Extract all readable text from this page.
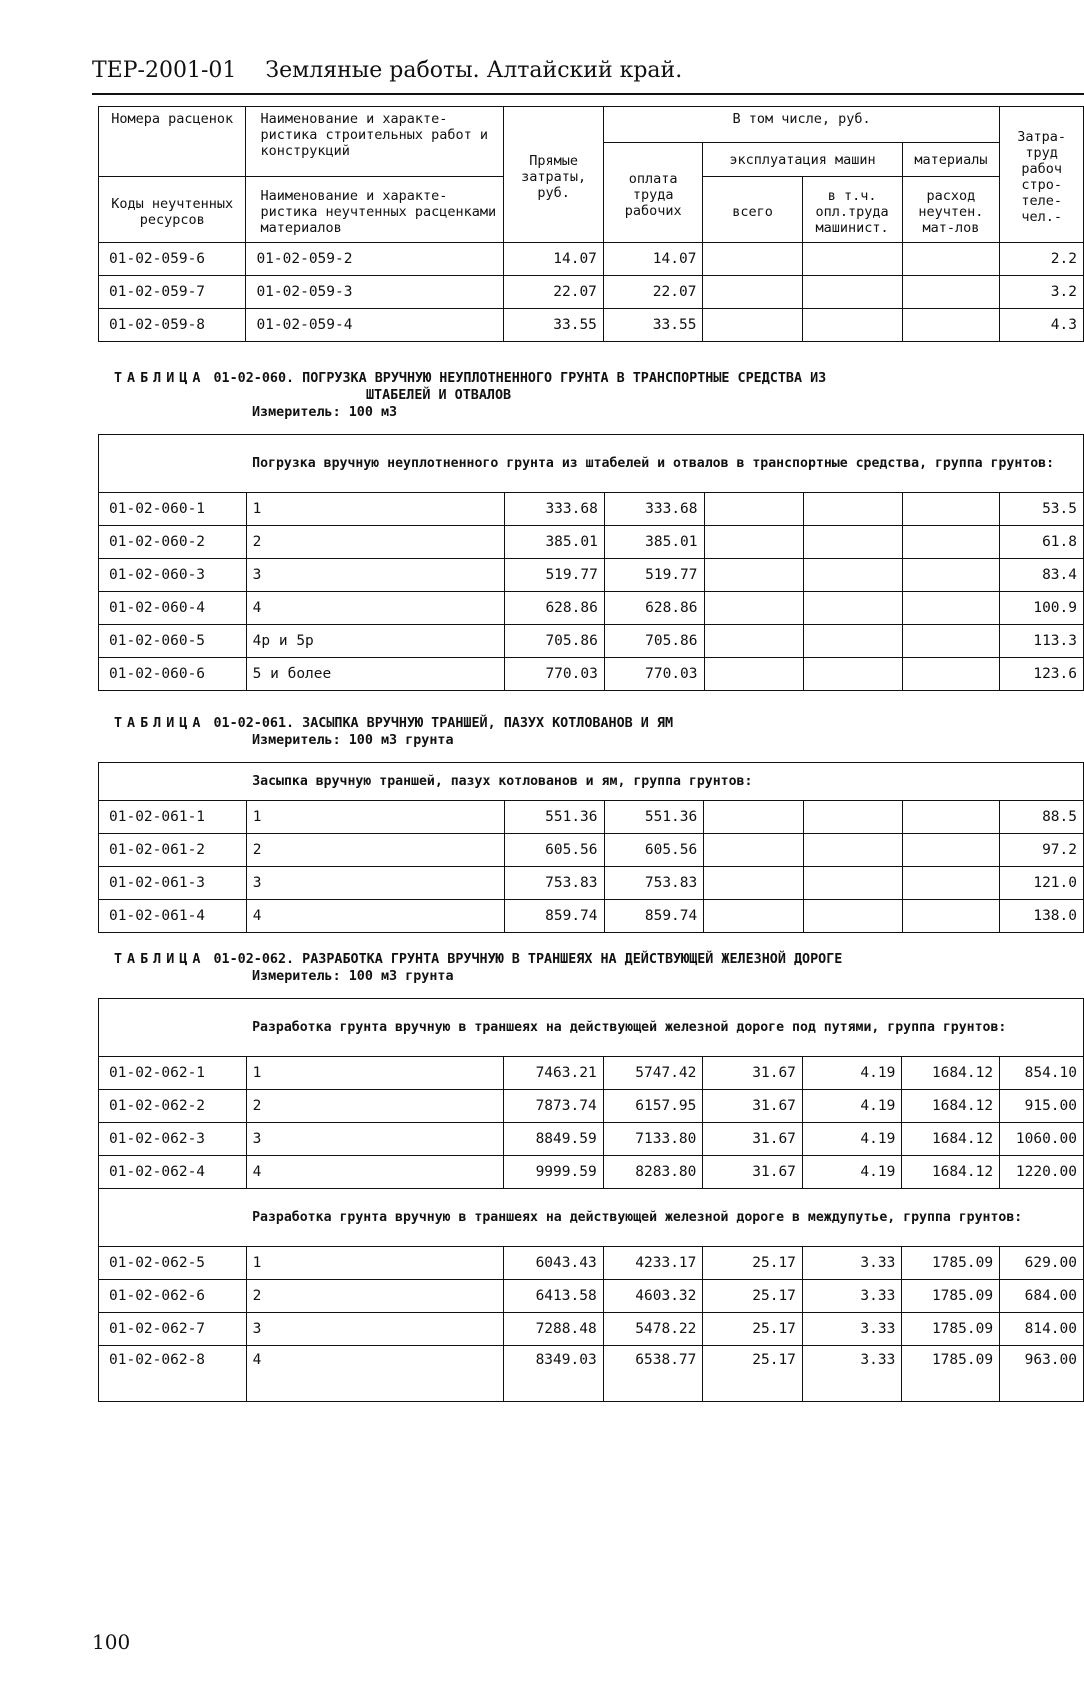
ТЕР-2001-01 Земляные работы. Алтайский край.
Номера расценок	Наименование и характе- ристика строительных работ и конструкций	Прямые затраты, руб.	В том числе, руб.				Затра- труд рабоч стро- теле- чел.-
			оплата труда рабочих	эксплуатация машин		материалы	
Коды неучтенных ресурсов	Наименование и характе- ристика неучтенных расценками материалов			всего	в т.ч. опл.труда машинист.	расход неучтен. мат-лов	

01-02-059-6	01-02-059-2	14.07	14.07				2.2
01-02-059-7	01-02-059-3	22.07	22.07				3.2
01-02-059-8	01-02-059-4	33.55	33.55				4.3
ТАБЛИЦА 01-02-060. ПОГРУЗКА ВРУЧНУЮ НЕУПЛОТНЕННОГО ГРУНТА В ТРАНСПОРТНЫЕ СРЕДСТВА ИЗ
ШТАБЕЛЕЙ И ОТВАЛОВ
Измеритель: 100 м3
	Погрузка вручную неуплотненного грунта из штабелей и отвалов в транспортные средства, группа грунтов:						
01-02-060-1	1	333.68	333.68				53.5
01-02-060-2	2	385.01	385.01				61.8
01-02-060-3	3	519.77	519.77				83.4
01-02-060-4	4	628.86	628.86				100.9
01-02-060-5	4р и 5р	705.86	705.86				113.3
01-02-060-6	5 и более	770.03	770.03				123.6
ТАБЛИЦА 01-02-061. ЗАСЫПКА ВРУЧНУЮ ТРАНШЕЙ, ПАЗУХ КОТЛОВАНОВ И ЯМ
Измеритель: 100 м3 грунта
	Засыпка вручную траншей, пазух котлованов и ям, группа грунтов:						
01-02-061-1	1	551.36	551.36				88.5
01-02-061-2	2	605.56	605.56				97.2
01-02-061-3	3	753.83	753.83				121.0
01-02-061-4	4	859.74	859.74				138.0
ТАБЛИЦА 01-02-062. РАЗРАБОТКА ГРУНТА ВРУЧНУЮ В ТРАНШЕЯХ НА ДЕЙСТВУЮЩЕЙ ЖЕЛЕЗНОЙ ДОРОГЕ
Измеритель: 100 м3 грунта
	Разработка грунта вручную в траншеях на действующей железной дороге под путями, группа грунтов:						
01-02-062-1	1	7463.21	5747.42	31.67	4.19	1684.12	854.10
01-02-062-2	2	7873.74	6157.95	31.67	4.19	1684.12	915.00
01-02-062-3	3	8849.59	7133.80	31.67	4.19	1684.12	1060.00
01-02-062-4	4	9999.59	8283.80	31.67	4.19	1684.12	1220.00
	Разработка грунта вручную в траншеях на действующей железной дороге в междупутье, группа грунтов:						
01-02-062-5	1	6043.43	4233.17	25.17	3.33	1785.09	629.00
01-02-062-6	2	6413.58	4603.32	25.17	3.33	1785.09	684.00
01-02-062-7	3	7288.48	5478.22	25.17	3.33	1785.09	814.00
01-02-062-8	4	8349.03	6538.77	25.17	3.33	1785.09	963.00
100
